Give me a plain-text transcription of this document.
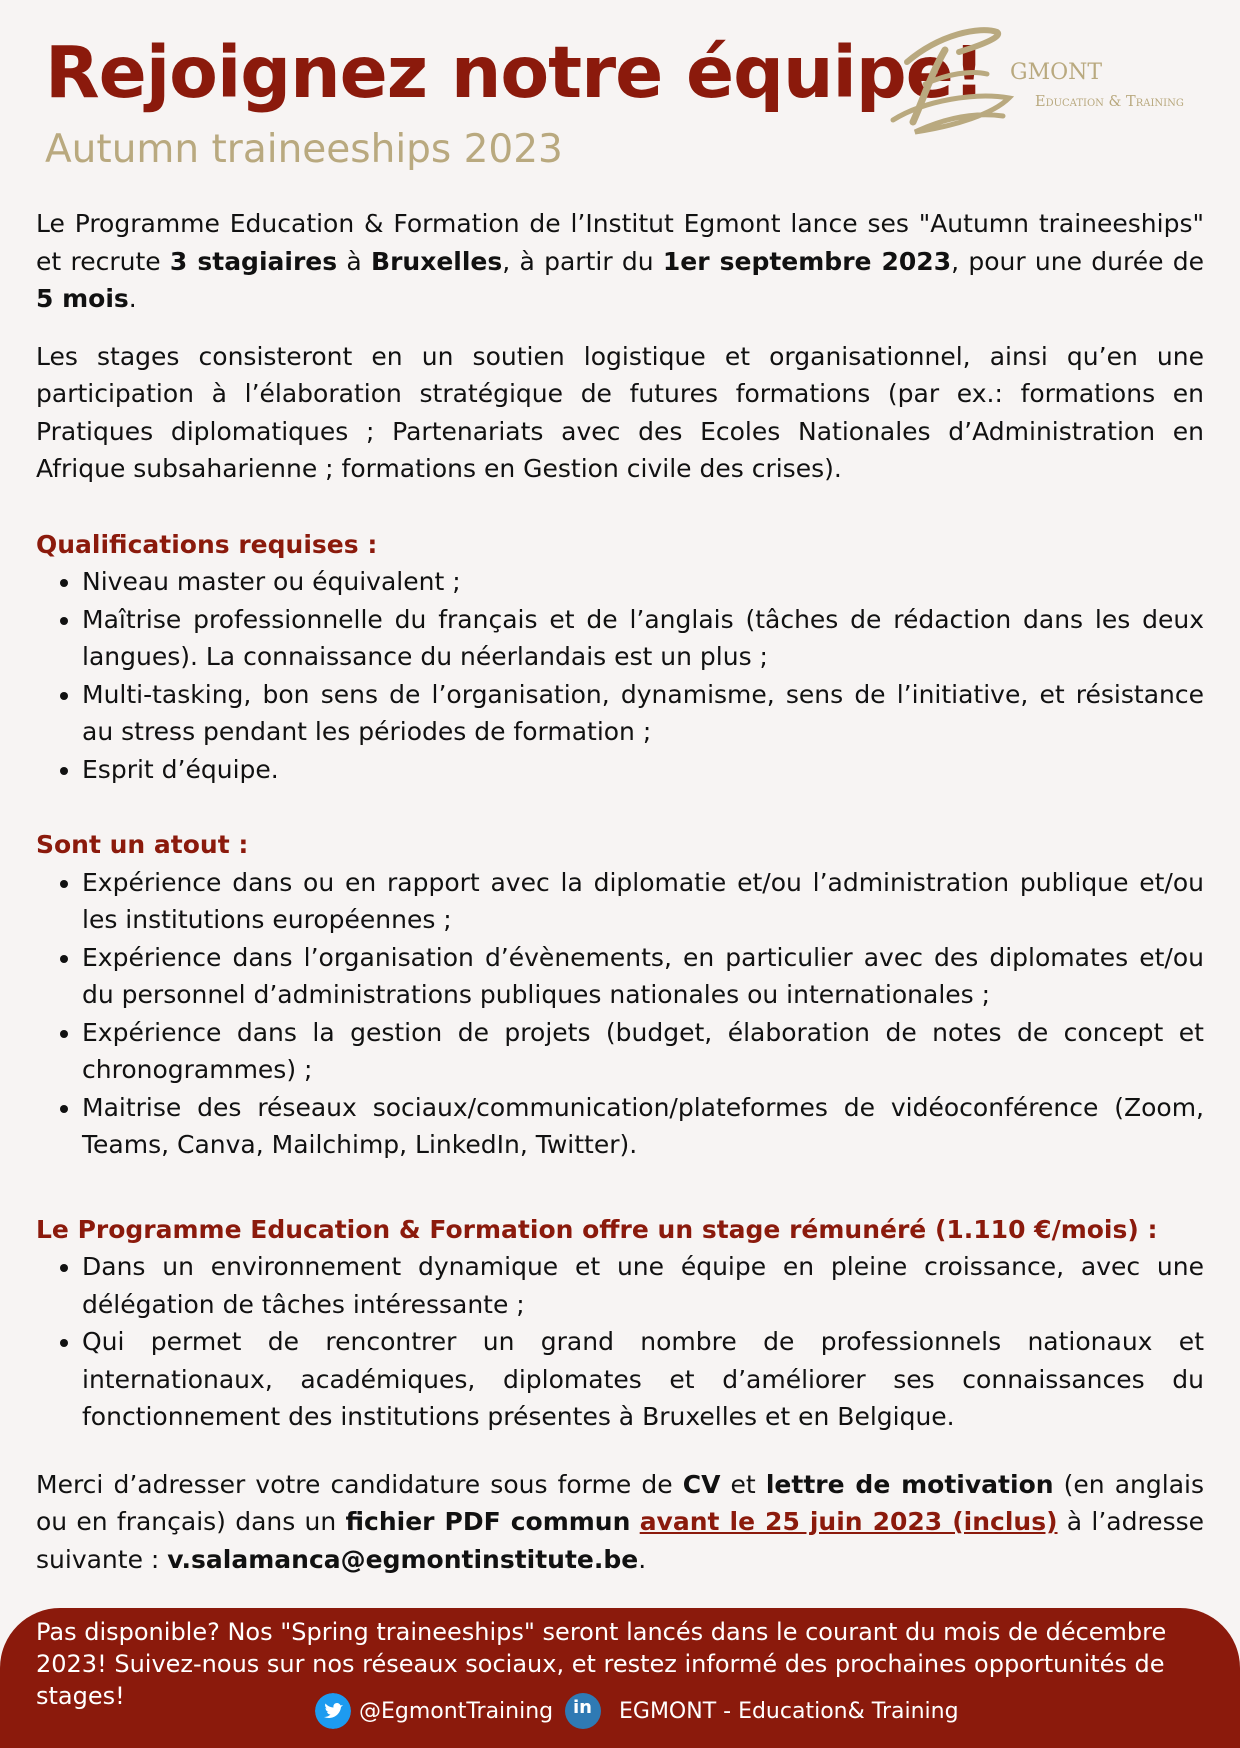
Rejoignez notre équipe!
Autumn traineeships 2023
GMONT
Education & Training

Le Programme Education & Formation de l’Institut Egmont lance ses "Autumn traineeships" et recrute 3 stagiaires à Bruxelles, à partir du 1er septembre 2023, pour une durée de 5 mois.

Les stages consisteront en un soutien logistique et organisationnel, ainsi qu’en une participation à l’élaboration stratégique de futures formations (par ex.: formations en Pratiques diplomatiques ; Partenariats avec des Ecoles Nationales d’Administration en Afrique subsaharienne ; formations en Gestion civile des crises).

Qualifications requises :
• Niveau master ou équivalent ;
• Maîtrise professionnelle du français et de l’anglais (tâches de rédaction dans les deux langues). La connaissance du néerlandais est un plus ;
• Multi-tasking, bon sens de l’organisation, dynamisme, sens de l’initiative, et résistance au stress pendant les périodes de formation ;
• Esprit d’équipe.
Sont un atout :
• Expérience dans ou en rapport avec la diplomatie et/ou l’administration publique et/ou les institutions européennes ;
• Expérience dans l’organisation d’évènements, en particulier avec des diplomates et/ou du personnel d’administrations publiques nationales ou internationales ;
• Expérience dans la gestion de projets (budget, élaboration de notes de concept et chronogrammes) ;
• Maitrise des réseaux sociaux/communication/plateformes de vidéoconférence (Zoom, Teams, Canva, Mailchimp, LinkedIn, Twitter).
Le Programme Education & Formation offre un stage rémunéré (1.110 €/mois) :
• Dans un environnement dynamique et une équipe en pleine croissance, avec une délégation de tâches intéressante ;
• Qui permet de rencontrer un grand nombre de professionnels nationaux et internationaux, académiques, diplomates et d’améliorer ses connaissances du fonctionnement des institutions présentes à Bruxelles et en Belgique.

Merci d’adresser votre candidature sous forme de CV et lettre de motivation (en anglais ou en français) dans un fichier PDF commun avant le 25 juin 2023 (inclus) à l’adresse suivante : v.salamanca@egmontinstitute.be.

Pas disponible? Nos "Spring traineeships" seront lancés dans le courant du mois de décembre 2023! Suivez-nous sur nos réseaux sociaux, et restez informé des prochaines opportunités de stages!
@EgmontTraining in EGMONT - Education& Training
